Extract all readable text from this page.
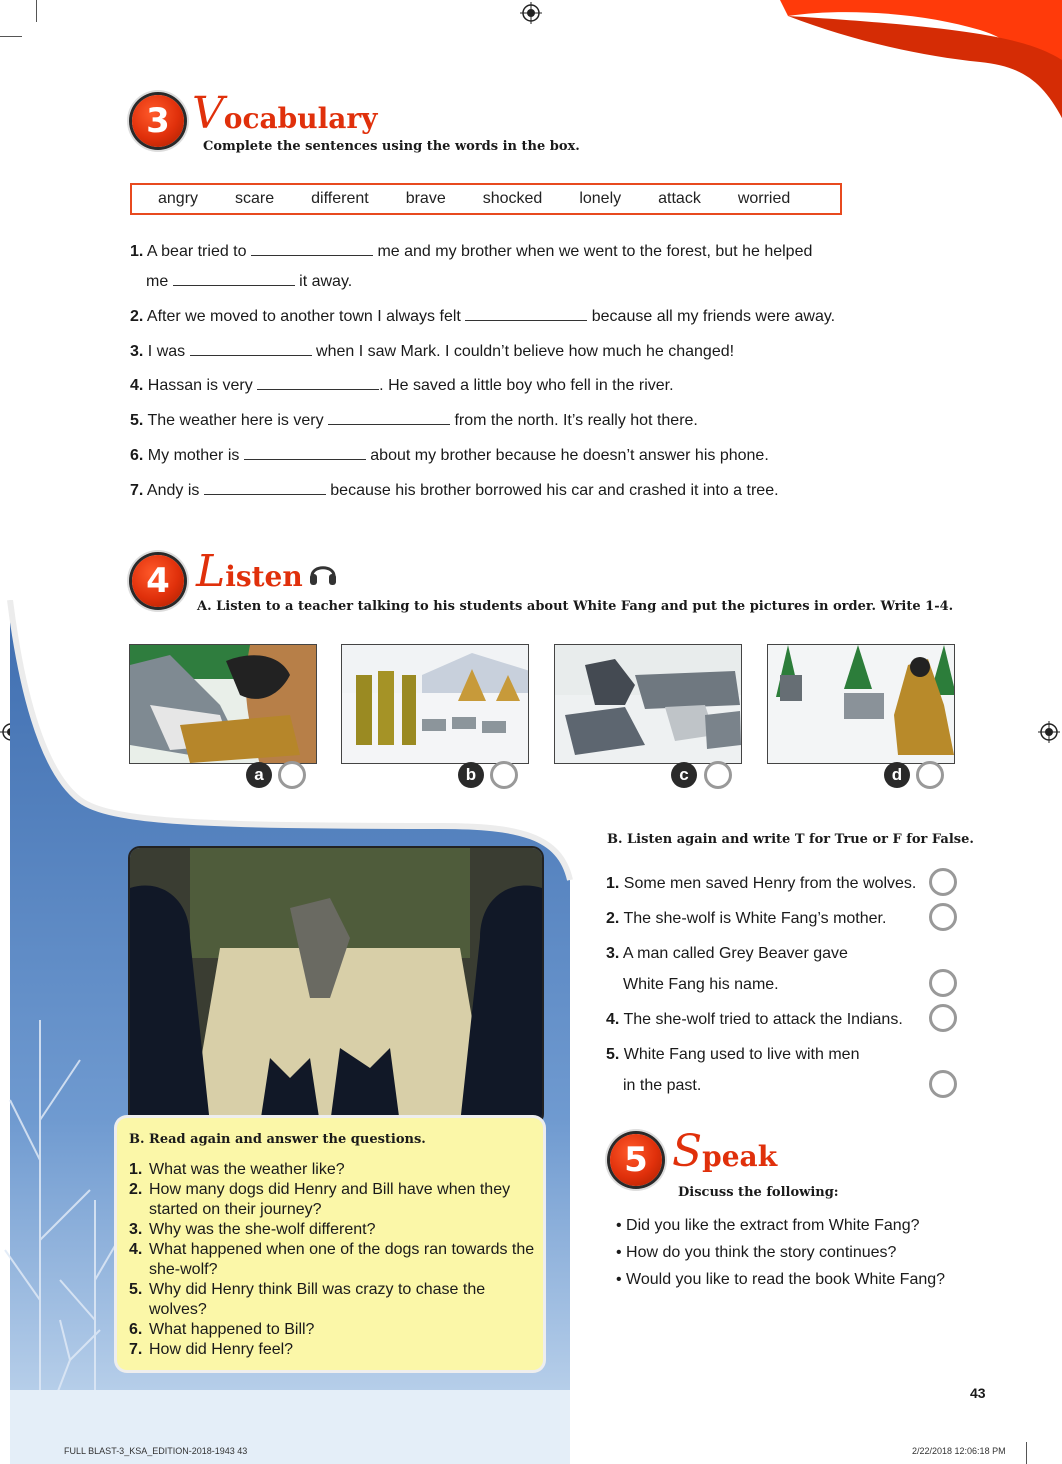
3 Vocabulary
Complete the sentences using the words in the box.
angry scare different brave shocked lonely attack worried
1. A bear tried to	me and my brother when we went to the forest, but he helped
me	it away.
2. After we moved to another town I always felt	because all my friends were away.
3. I was	when I saw Mark. I couldn’t believe how much he changed!
4. Hassan is very	. He saved a little boy who fell in the river.
5. The weather here is very	from the north. It’s really hot there.
6. My mother is	about my brother because he doesn’t answer his phone.
7. Andy is	because his brother borrowed his car and crashed it into a tree.
4 Listen
A. Listen to a teacher talking to his students about White Fang and put the pictures in order. Write 1-4.
a	b	c	d
B. Read again and answer the questions.
1. What was the weather like?
2. How many dogs did Henry and Bill have when they started on their journey?
3. Why was the she-wolf different?
4. What happened when one of the dogs ran towards the she-wolf?
5. Why did Henry think Bill was crazy to chase the wolves?
6. What happened to Bill?
7. How did Henry feel?
B. Listen again and write T for True or F for False.
1. Some men saved Henry from the wolves.
2. The she-wolf is White Fang’s mother.
3. A man called Grey Beaver gave
White Fang his name.
4. The she-wolf tried to attack the Indians.
5. White Fang used to live with men
in the past.
5 Speak
Discuss the following:
• Did you like the extract from White Fang?
• How do you think the story continues?
• Would you like to read the book White Fang?
43
FULL BLAST-3_KSA_EDITION-2018-1943 43	2/22/2018 12:06:18 PM
